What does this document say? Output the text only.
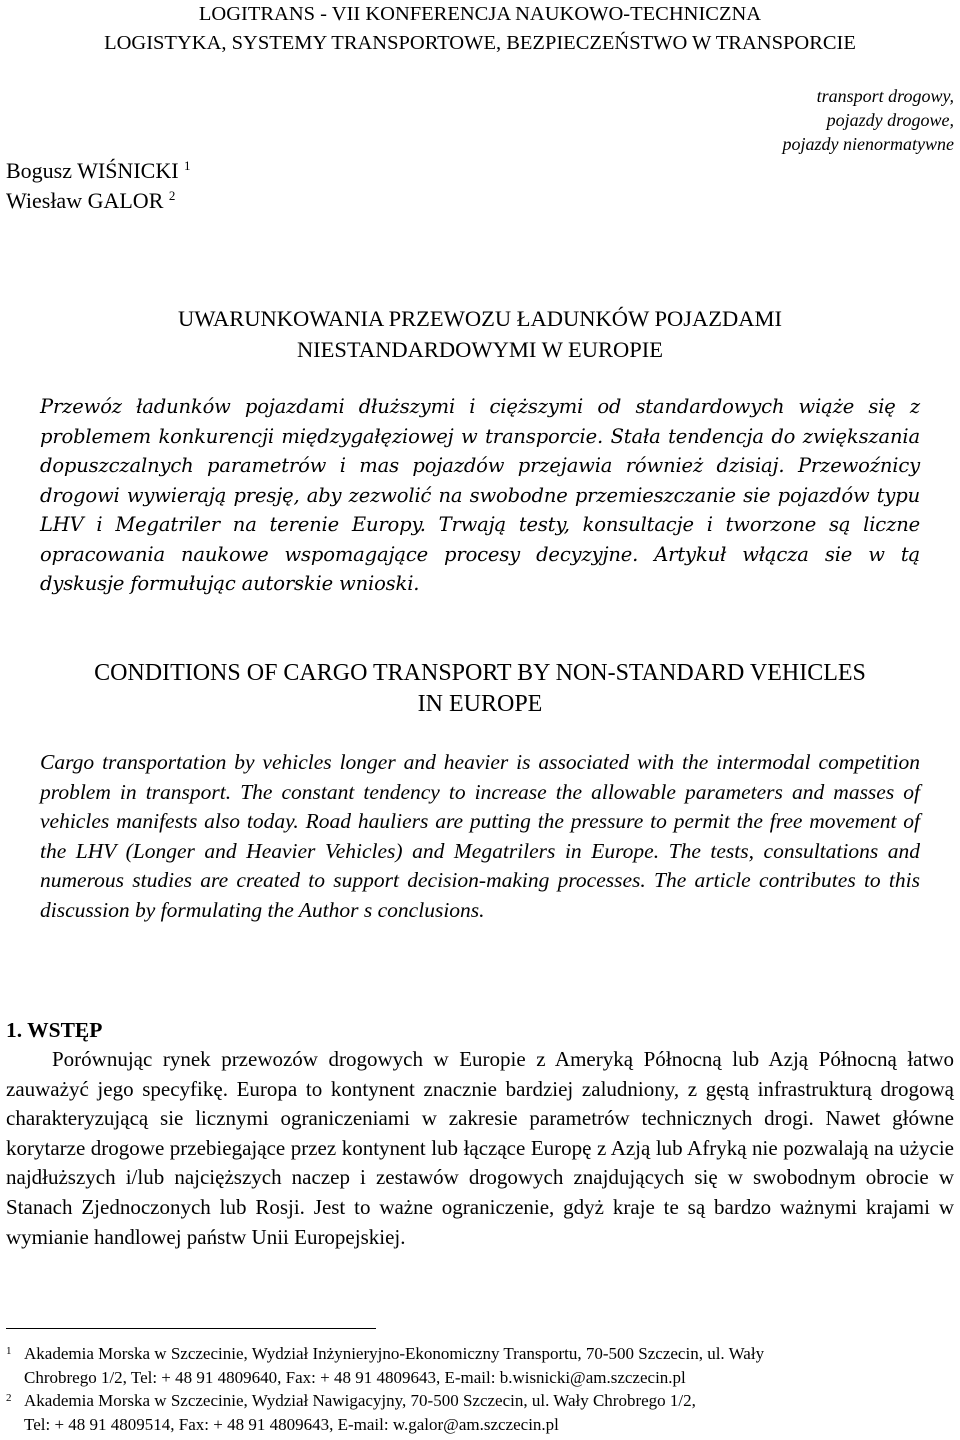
LOGITRANS - VII KONFERENCJA NAUKOWO-TECHNICZNA
LOGISTYKA, SYSTEMY TRANSPORTOWE, BEZPIECZEŃSTWO W TRANSPORCIE
transport drogowy,
pojazdy drogowe,
pojazdy nienormatywne
Bogusz WIŚNICKI $^1$
Wiesław GALOR $^2$
UWARUNKOWANIA PRZEWOZU ŁADUNKÓW POJAZDAMI
NIESTANDARDOWYMI W EUROPIE

Przewóz ładunków pojazdami dłuższymi i cięższymi od standardowych wiąże się z problemem konkurencji międzygałęziowej w transporcie. Stała tendencja do zwiększania dopuszczalnych parametrów i mas pojazdów przejawia również dzisiaj. Przewoźnicy drogowi wywierają presję, aby zezwolić na swobodne przemieszczanie sie pojazdów typu LHV i Megatriler na terenie Europy. Trwają testy, konsultacje i tworzone są liczne opracowania naukowe wspomagające procesy decyzyjne. Artykuł włącza sie w tą dyskusje formułując autorskie wnioski.

CONDITIONS OF CARGO TRANSPORT BY NON-STANDARD VEHICLES
IN EUROPE

Cargo transportation by vehicles longer and heavier is associated with the intermodal competition problem in transport. The constant tendency to increase the allowable parameters and masses of vehicles manifests also today. Road hauliers are putting the pressure to permit the free movement of the LHV (Longer and Heavier Vehicles) and Megatrilers in Europe. The tests, consultations and numerous studies are created to support decision-making processes. The article contributes to this discussion by formulating the Author s conclusions.

1. WSTĘP

Porównując rynek przewozów drogowych w Europie z Ameryką Północną lub Azją Północną łatwo zauważyć jego specyfikę. Europa to kontynent znacznie bardziej zaludniony, z gęstą infrastrukturą drogową charakteryzującą sie licznymi ograniczeniami w zakresie parametrów technicznych drogi. Nawet główne korytarze drogowe przebiegające przez kontynent lub łączące Europę z Azją lub Afryką nie pozwalają na użycie najdłuższych i/lub najcięższych naczep i zestawów drogowych znajdujących się w swobodnym obrocie w Stanach Zjednoczonych lub Rosji. Jest to ważne ograniczenie, gdyż kraje te są bardzo ważnymi krajami w wymianie handlowej państw Unii Europejskiej.

1 Akademia Morska w Szczecinie, Wydział Inżynieryjno-Ekonomiczny Transportu, 70-500 Szczecin, ul. Wały
Chrobrego 1/2, Tel: + 48 91 4809640, Fax: + 48 91 4809643, E-mail: b.wisnicki@am.szczecin.pl
2 Akademia Morska w Szczecinie, Wydział Nawigacyjny, 70-500 Szczecin, ul. Wały Chrobrego 1/2,
Tel: + 48 91 4809514, Fax: + 48 91 4809643, E-mail: w.galor@am.szczecin.pl
